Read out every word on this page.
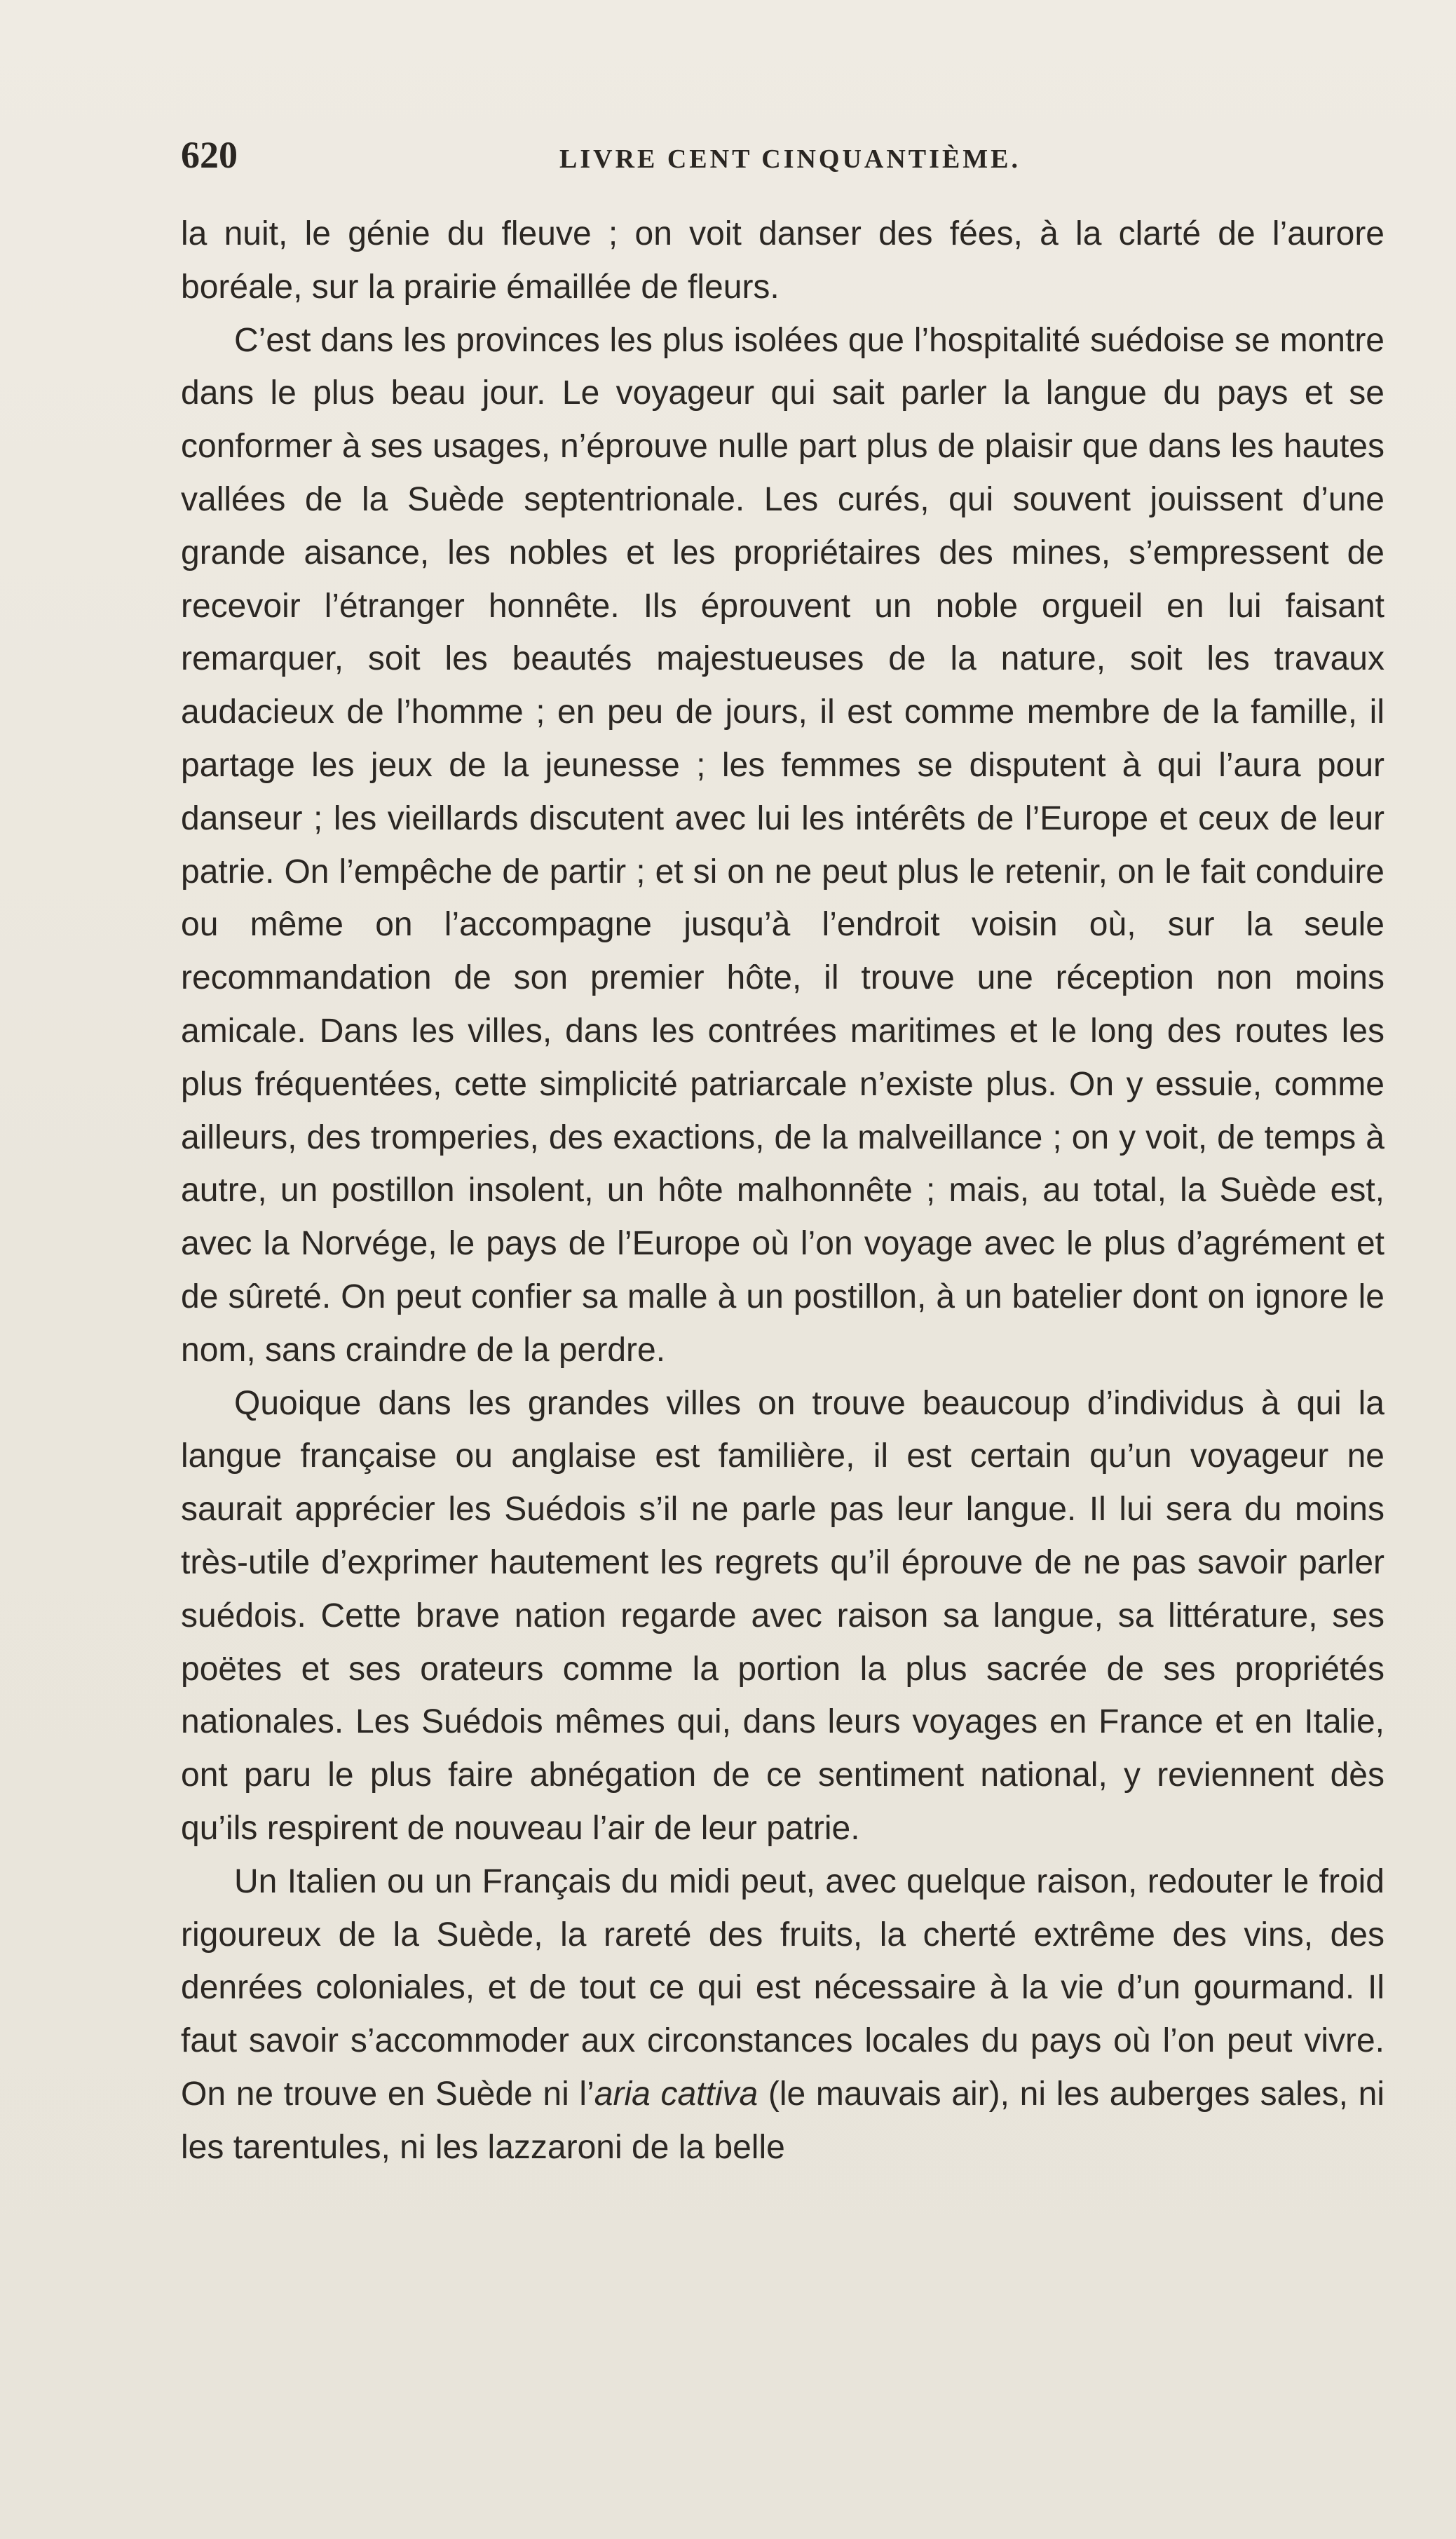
620	LIVRE CENT CINQUANTIÈME.

la nuit, le génie du fleuve ; on voit danser des fées, à la clarté de l’aurore boréale, sur la prairie émaillée de fleurs.

C’est dans les provinces les plus isolées que l’hospitalité suédoise se montre dans le plus beau jour. Le voyageur qui sait parler la langue du pays et se conformer à ses usages, n’éprouve nulle part plus de plaisir que dans les hautes vallées de la Suède septentrionale. Les curés, qui souvent jouissent d’une grande aisance, les nobles et les propriétaires des mines, s’empressent de recevoir l’étranger honnête. Ils éprouvent un noble orgueil en lui faisant remarquer, soit les beautés majestueuses de la nature, soit les travaux audacieux de l’homme ; en peu de jours, il est comme membre de la famille, il partage les jeux de la jeunesse ; les femmes se disputent à qui l’aura pour danseur ; les vieillards discutent avec lui les intérêts de l’Europe et ceux de leur patrie. On l’empêche de partir ; et si on ne peut plus le retenir, on le fait conduire ou même on l’accompagne jusqu’à l’endroit voisin où, sur la seule recommandation de son premier hôte, il trouve une réception non moins amicale. Dans les villes, dans les contrées maritimes et le long des routes les plus fréquentées, cette simplicité patriarcale n’existe plus. On y essuie, comme ailleurs, des tromperies, des exactions, de la malveillance ; on y voit, de temps à autre, un postillon insolent, un hôte malhonnête ; mais, au total, la Suède est, avec la Norvége, le pays de l’Europe où l’on voyage avec le plus d’agrément et de sûreté. On peut confier sa malle à un postillon, à un batelier dont on ignore le nom, sans craindre de la perdre.

Quoique dans les grandes villes on trouve beaucoup d’individus à qui la langue française ou anglaise est familière, il est certain qu’un voyageur ne saurait apprécier les Suédois s’il ne parle pas leur langue. Il lui sera du moins très-utile d’exprimer hautement les regrets qu’il éprouve de ne pas savoir parler suédois. Cette brave nation regarde avec raison sa langue, sa littérature, ses poëtes et ses orateurs comme la portion la plus sacrée de ses propriétés nationales. Les Suédois mêmes qui, dans leurs voyages en France et en Italie, ont paru le plus faire abnégation de ce sentiment national, y reviennent dès qu’ils respirent de nouveau l’air de leur patrie.

Un Italien ou un Français du midi peut, avec quelque raison, redouter le froid rigoureux de la Suède, la rareté des fruits, la cherté extrême des vins, des denrées coloniales, et de tout ce qui est nécessaire à la vie d’un gourmand. Il faut savoir s’accommoder aux circonstances locales du pays où l’on peut vivre. On ne trouve en Suède ni l’aria cattiva (le mauvais air), ni les auberges sales, ni les tarentules, ni les lazzaroni de la belle
